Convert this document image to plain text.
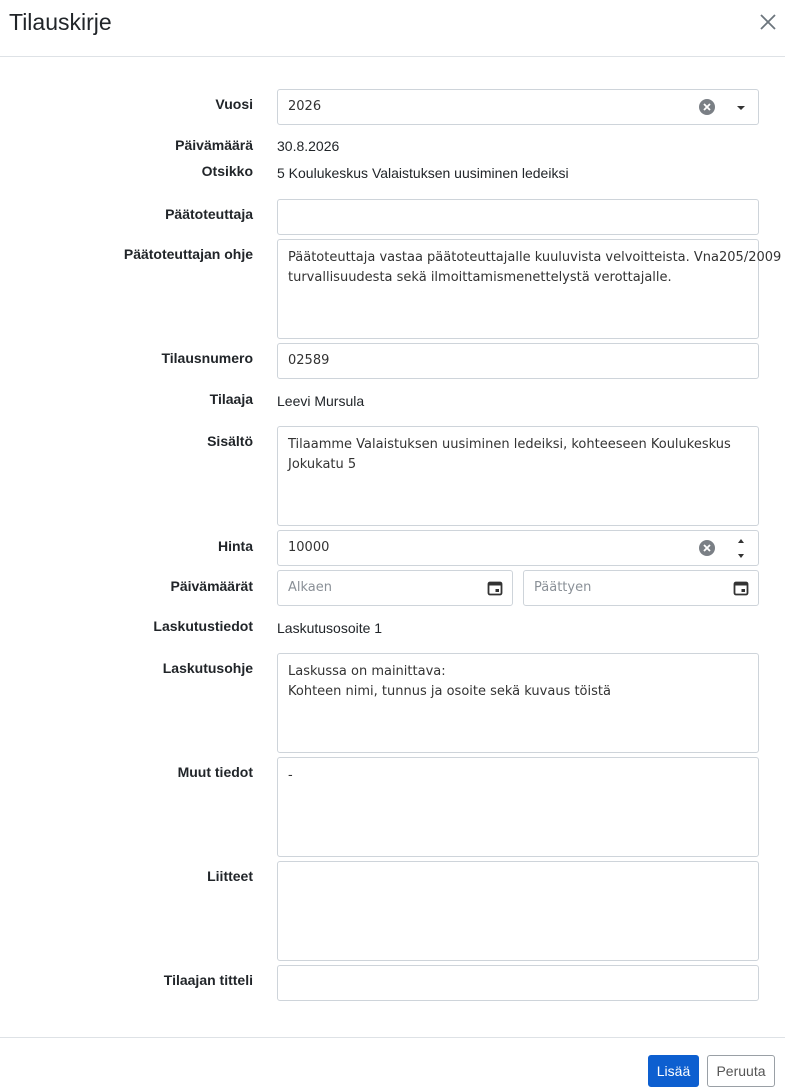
Tilauskirje
Vuosi	2026
Päivämäärä 30.8.2026
Otsikko 5 Koulukeskus Valaistuksen uusiminen ledeiksi
Päätoteuttaja
Päätoteuttajan ohje	Päätoteuttaja vastaa päätoteuttajalle kuuluvista velvoitteista. Vna205/2009
turvallisuudesta sekä ilmoittamismenettelystä verottajalle.
Tilausnumero	02589
Tilaaja Leevi Mursula
Sisältö	Tilaamme Valaistuksen uusiminen ledeiksi, kohteeseen Koulukeskus
Jokukatu 5
Hinta	10000
Päivämäärät	Alkaen	Päättyen
Laskutustiedot Laskutusosoite 1
Laskutusohje	Laskussa on mainittava:
Kohteen nimi, tunnus ja osoite sekä kuvaus töistä
Muut tiedot	-
Liitteet
Tilaajan titteli
Lisää	Peruuta
